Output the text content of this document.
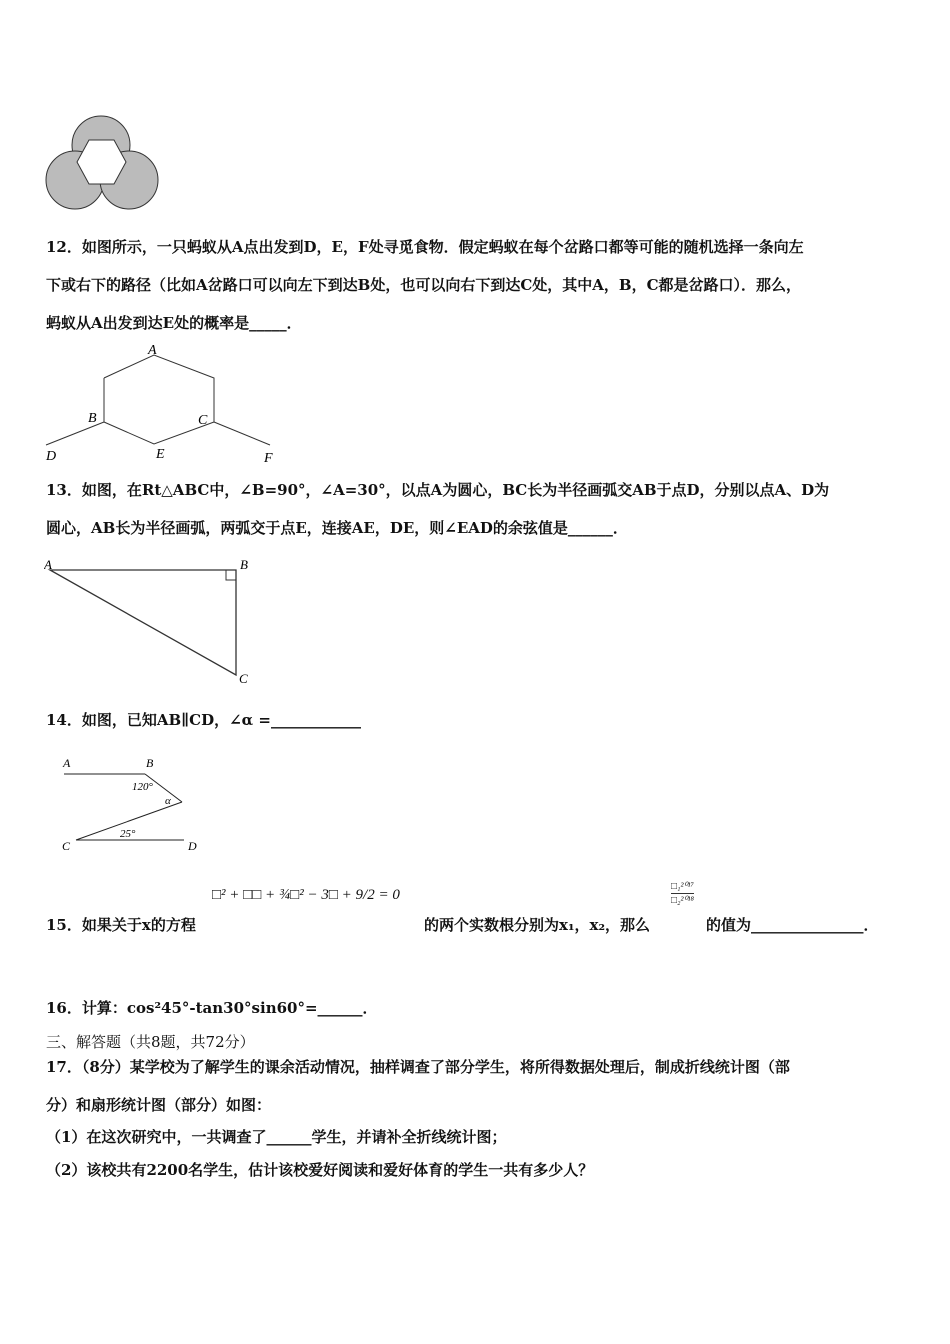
12．如图所示，一只蚂蚁从A点出发到D，E，F处寻觅食物．假定蚂蚁在每个岔路口都等可能的随机选择一条向左
下或右下的路径（比如A岔路口可以向左下到达B处，也可以向右下到达C处，其中A，B，C都是岔路口）．那么，
蚂蚁从A出发到达E处的概率是_____．
A
B	C
D	E	F
13．如图，在Rt△ABC中，∠B=90°，∠A=30°，以点A为圆心，BC长为半径画弧交AB于点D，分别以点A、D为
圆心，AB长为半径画弧，两弧交于点E，连接AE，DE，则∠EAD的余弦值是______．
A	B
C
14．如图，已知AB∥CD，∠α =____________
A	B
120°
α
25°
C	D
□² + □□ + ¾□² − 3□ + 9/2 = 0
15．如果关于x的方程	的两个实数根分别为x₁，x₂，那么
□₁²⁰¹⁷
□₂²⁰¹⁸
的值为_______________．
16．计算：cos²45°-tan30°sin60°=______．
三、解答题（共8题，共72分）
17．（8分）某学校为了解学生的课余活动情况，抽样调查了部分学生，将所得数据处理后，制成折线统计图（部
分）和扇形统计图（部分）如图：
（1）在这次研究中，一共调查了______学生，并请补全折线统计图；
（2）该校共有2200名学生，估计该校爱好阅读和爱好体育的学生一共有多少人？
